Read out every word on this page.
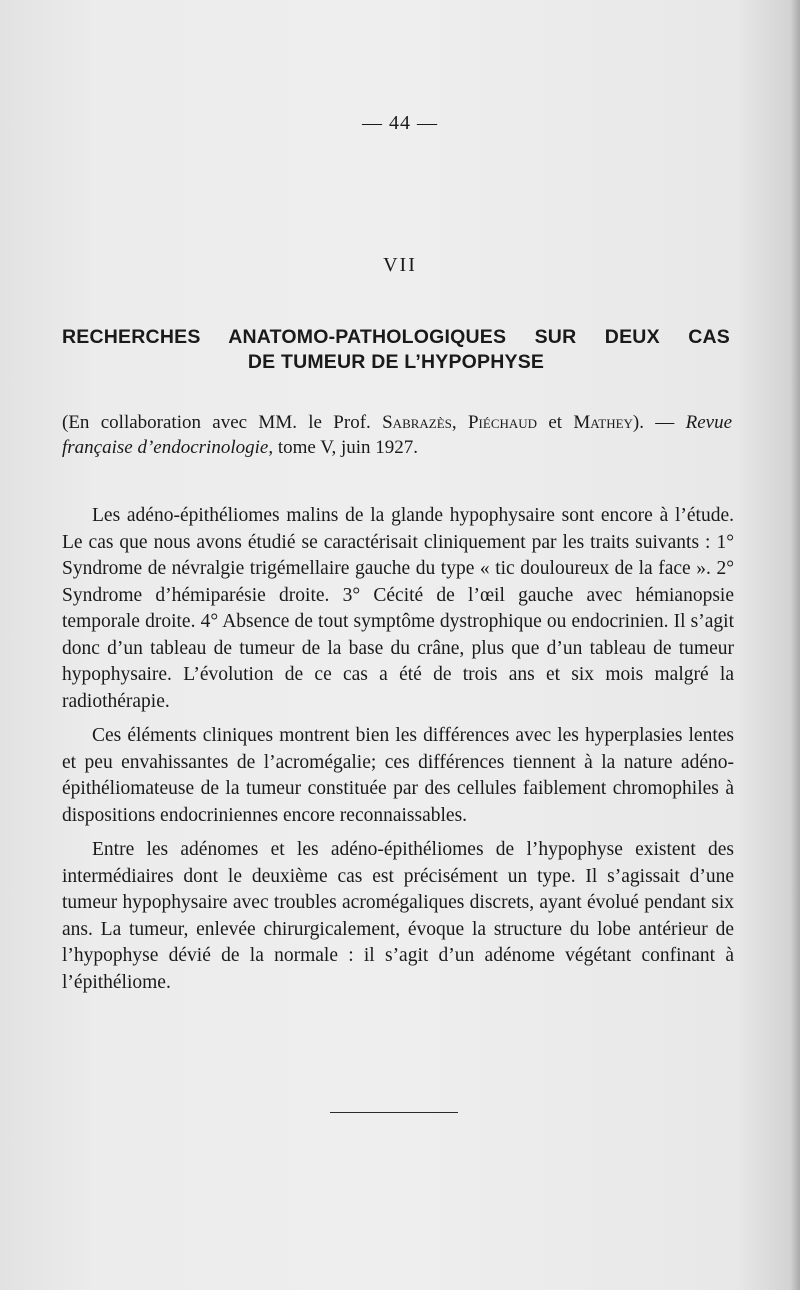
— 44 —
VII
RECHERCHES ANATOMO-PATHOLOGIQUES SUR DEUX CAS
DE TUMEUR DE L’HYPOPHYSE
(En collaboration avec MM. le Prof. Sabrazès, Piéchaud et Mathey). — Revue
française d’endocrinologie, tome V, juin 1927.

Les adéno-épithéliomes malins de la glande hypophysaire sont encore à l’étude. Le cas que nous avons étudié se caractérisait cliniquement par les traits suivants : 1° Syndrome de névralgie trigémellaire gauche du type « tic douloureux de la face ». 2° Syndrome d’hémiparésie droite. 3° Cécité de l’œil gauche avec hémianopsie temporale droite. 4° Absence de tout symptôme dystrophique ou endocrinien. Il s’agit donc d’un tableau de tumeur de la base du crâne, plus que d’un tableau de tumeur hypophysaire. L’évolution de ce cas a été de trois ans et six mois malgré la radiothérapie.

Ces éléments cliniques montrent bien les différences avec les hyperplasies lentes et peu envahissantes de l’acromégalie; ces différences tiennent à la nature adéno-épithéliomateuse de la tumeur constituée par des cellules faiblement chromophiles à dispositions endocriniennes encore reconnaissables.

Entre les adénomes et les adéno-épithéliomes de l’hypophyse existent des intermédiaires dont le deuxième cas est précisément un type. Il s’agissait d’une tumeur hypophysaire avec troubles acromégaliques discrets, ayant évolué pendant six ans. La tumeur, enlevée chirurgicalement, évoque la structure du lobe antérieur de l’hypophyse dévié de la normale : il s’agit d’un adénome végétant confinant à l’épithéliome.
